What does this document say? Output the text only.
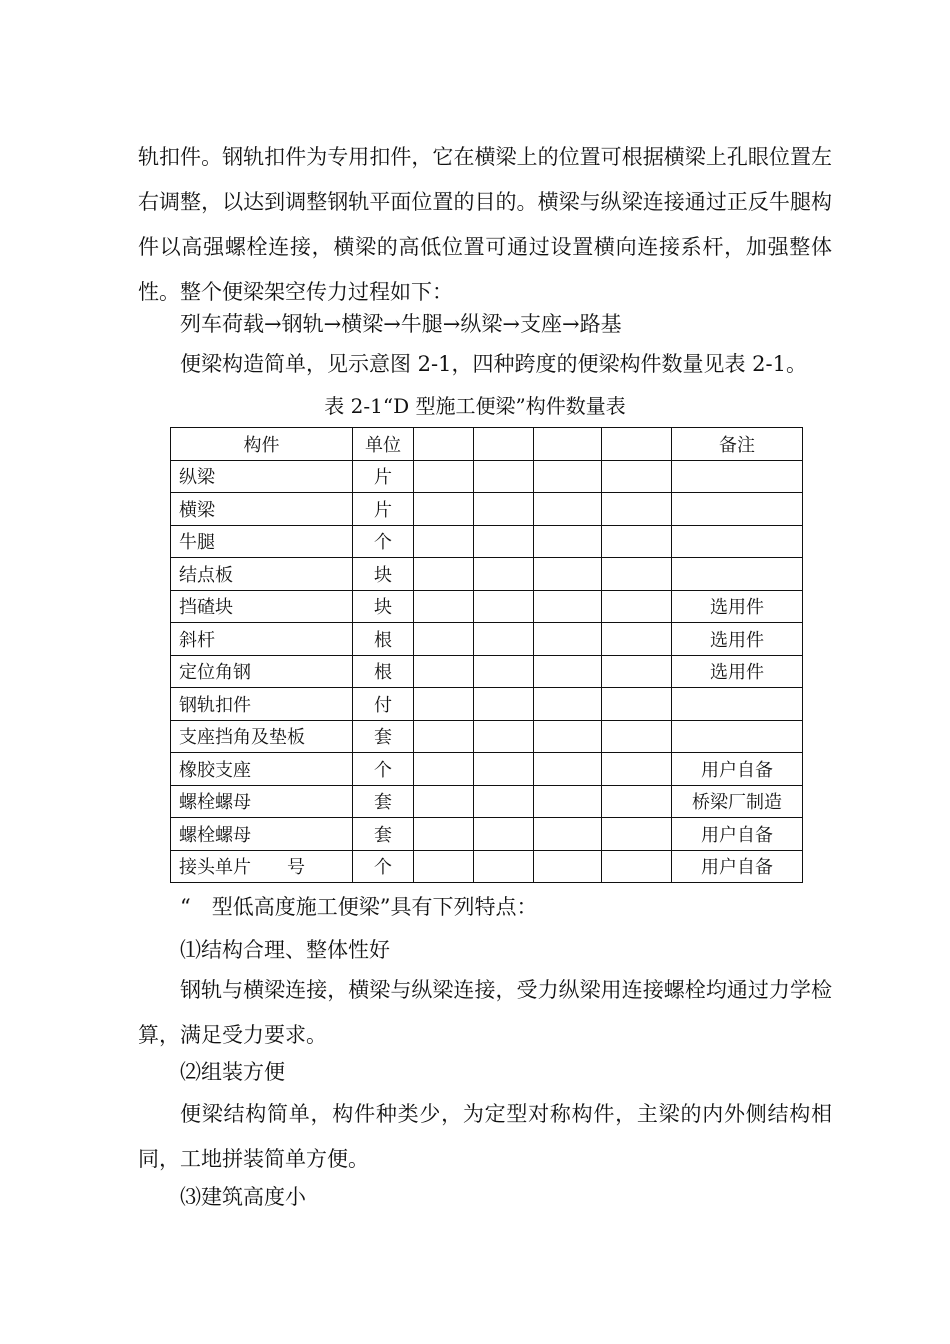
轨扣件。钢轨扣件为专用扣件，它在横梁上的位置可根据横梁上孔眼位置左右调整，以达到调整钢轨平面位置的目的。横梁与纵梁连接通过正反牛腿构件以高强螺栓连接，横梁的高低位置可通过设置横向连接系杆，加强整体性。整个便梁架空传力过程如下：

列车荷载→钢轨→横梁→牛腿→纵梁→支座→路基

便梁构造简单，见示意图 2-1，四种跨度的便梁构件数量见表 2-1。

表 2-1“D 型施工便梁”构件数量表

构件	单位					备注
纵梁	片					
横梁	片					
牛腿	个					
结点板	块					
挡碴块	块					选用件
斜杆	根					选用件
定位角钢	根					选用件
钢轨扣件	付					
支座挡角及垫板	套					
橡胶支座	个					用户自备
螺栓螺母	套					桥梁厂制造
螺栓螺母	套					用户自备
接头单片　　号	个					用户自备

“　型低高度施工便梁”具有下列特点：

⑴结构合理、整体性好

钢轨与横梁连接，横梁与纵梁连接，受力纵梁用连接螺栓均通过力学检算，满足受力要求。

⑵组装方便

便梁结构简单，构件种类少，为定型对称构件，主梁的内外侧结构相同，工地拼装简单方便。

⑶建筑高度小
